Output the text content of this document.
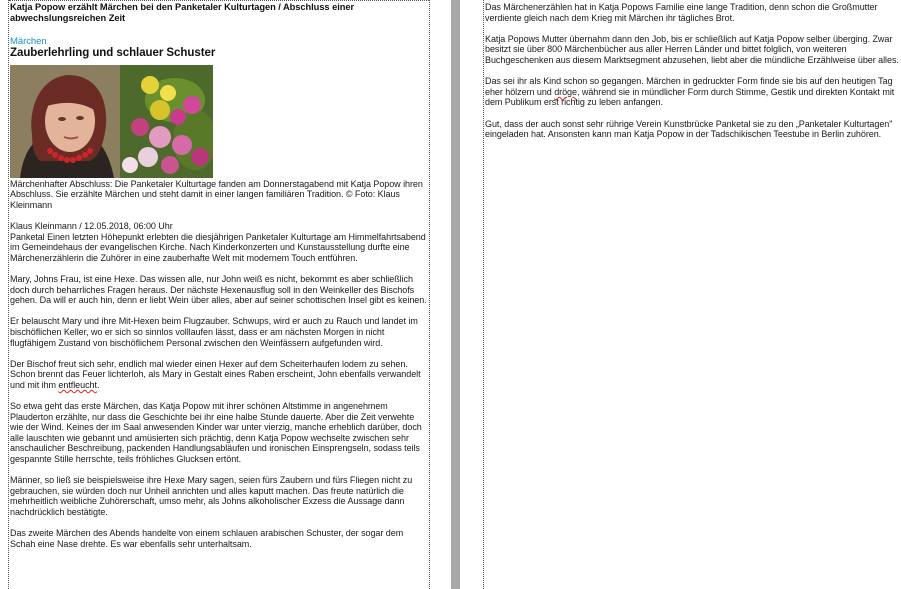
Katja Popow erzählt Märchen bei den Panketaler Kulturtagen / Abschluss einer abwechslungsreichen Zeit
Märchen
Zauberlehrling und schlauer Schuster
Märchenhafter Abschluss: Die Panketaler Kulturtage fanden am Donnerstagabend mit Katja Popow ihren Abschluss. Sie erzählte Märchen und steht damit in einer langen familiären Tradition. © Foto: Klaus Kleinmann
Klaus Kleinmann / 12.05.2018, 06:00 Uhr
Panketal Einen letzten Höhepunkt erlebten die diesjährigen Panketaler Kulturtage am Himmelfahrtsabend im Gemeindehaus der evangelischen Kirche. Nach Kinderkonzerten und Kunstausstellung durfte eine Märchenerzählerin die Zuhörer in eine zauberhafte Welt mit modernem Touch entführen.
Mary, Johns Frau, ist eine Hexe. Das wissen alle, nur John weiß es nicht, bekommt es aber schließlich doch durch beharrliches Fragen heraus. Der nächste Hexenausflug soll in den Weinkeller des Bischofs gehen. Da will er auch hin, denn er liebt Wein über alles, aber auf seiner schottischen Insel gibt es keinen.
Er belauscht Mary und ihre Mit-Hexen beim Flugzauber. Schwups, wird er auch zu Rauch und landet im bischöflichen Keller, wo er sich so sinnlos volllaufen lässt, dass er am nächsten Morgen in nicht flugfähigem Zustand von bischöflichem Personal zwischen den Weinfässern aufgefunden wird.
Der Bischof freut sich sehr, endlich mal wieder einen Hexer auf dem Scheiterhaufen lodern zu sehen. Schon brennt das Feuer lichterloh, als Mary in Gestalt eines Raben erscheint, John ebenfalls verwandelt und mit ihm entfleucht.
So etwa geht das erste Märchen, das Katja Popow mit ihrer schönen Altstimme in angenehmem Plauderton erzählte, nur dass die Geschichte bei ihr eine halbe Stunde dauerte. Aber die Zeit verwehte wie der Wind. Keines der im Saal anwesenden Kinder war unter vierzig, manche erheblich darüber, doch alle lauschten wie gebannt und amüsierten sich prächtig, denn Katja Popow wechselte zwischen sehr anschaulicher Beschreibung, packenden Handlungsabläufen und ironischen Einsprengseln, sodass teils gespannte Stille herrschte, teils fröhliches Glucksen ertönt.
Männer, so ließ sie beispielsweise ihre Hexe Mary sagen, seien fürs Zaubern und fürs Fliegen nicht zu gebrauchen, sie würden doch nur Unheil anrichten und alles kaputt machen. Das freute natürlich die mehrheitlich weibliche Zuhörerschaft, umso mehr, als Johns alkoholischer Exzess die Aussage dann nachdrücklich bestätigte.
Das zweite Märchen des Abends handelte von einem schlauen arabischen Schuster, der sogar dem Schah eine Nase drehte. Es war ebenfalls sehr unterhaltsam.
Das Märchenerzählen hat in Katja Popows Familie eine lange Tradition, denn schon die Großmutter verdiente gleich nach dem Krieg mit Märchen ihr tägliches Brot.
Katja Popows Mutter übernahm dann den Job, bis er schließlich auf Katja Popow selber überging. Zwar besitzt sie über 800 Märchenbücher aus aller Herren Länder und bittet folglich, von weiteren Buchgeschenken aus diesem Marktsegment abzusehen, liebt aber die mündliche Erzählweise über alles.
Das sei ihr als Kind schon so gegangen. Märchen in gedruckter Form finde sie bis auf den heutigen Tag eher hölzern und dröge, während sie in mündlicher Form durch Stimme, Gestik und direkten Kontakt mit dem Publikum erst richtig zu leben anfangen.
Gut, dass der auch sonst sehr rührige Verein Kunstbrücke Panketal sie zu den „Panketaler Kulturtagen" eingeladen hat. Ansonsten kann man Katja Popow in der Tadschikischen Teestube in Berlin zuhören.
